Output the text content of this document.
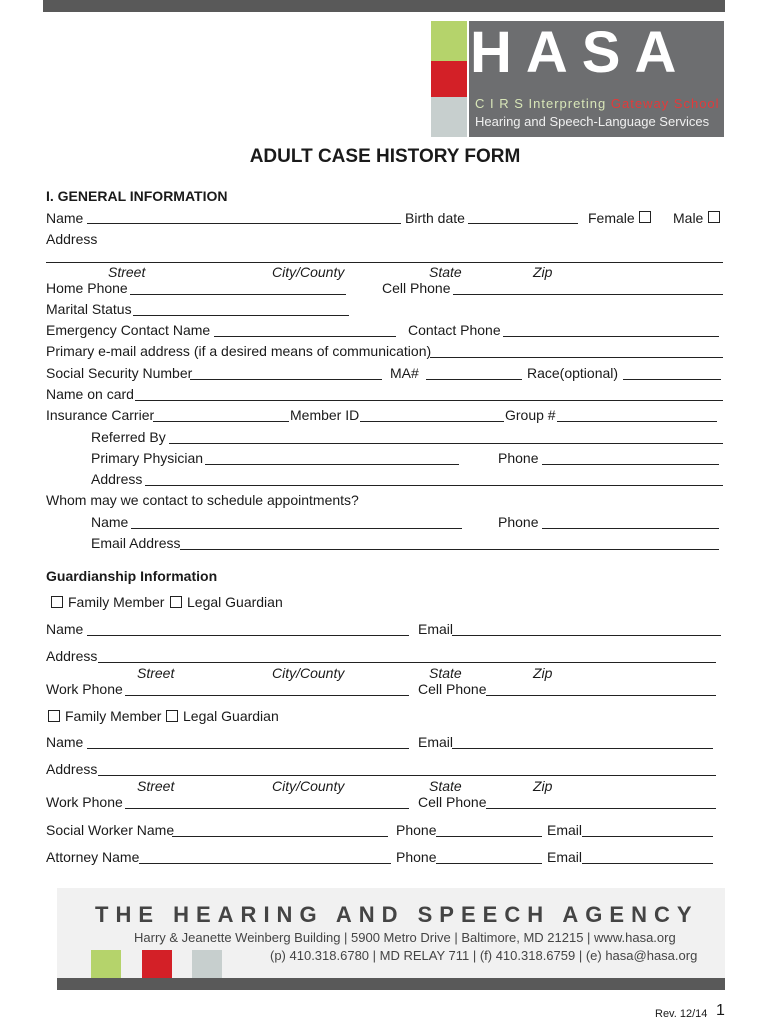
HASA
C I R S Interpreting Gateway School
Hearing and Speech-Language Services
ADULT CASE HISTORY FORM
I. GENERAL INFORMATION
Name	Birth date	Female	Male
Address
Street	City/County	State	Zip
Home Phone	Cell Phone
Marital Status
Emergency Contact Name	Contact Phone
Primary e-mail address (if a desired means of communication)
Social Security Number	MA#	Race(optional)
Name on card
Insurance Carrier	Member ID	Group #
Referred By
Primary Physician	Phone
Address
Whom may we contact to schedule appointments?
Name	Phone
Email Address
Guardianship Information
Family Member Legal Guardian
Name	Email
Address
Street	City/County	State	Zip
Work Phone	Cell Phone
Family Member Legal Guardian
Name	Email
Address
Street	City/County	State	Zip
Work Phone	Cell Phone
Social Worker Name	Phone	Email
Attorney Name	Phone	Email
THE HEARING AND SPEECH AGENCY
Harry & Jeanette Weinberg Building | 5900 Metro Drive | Baltimore, MD 21215 | www.hasa.org
(p) 410.318.6780 | MD RELAY 711 | (f) 410.318.6759 | (e) hasa@hasa.org
Rev. 12/14 1
